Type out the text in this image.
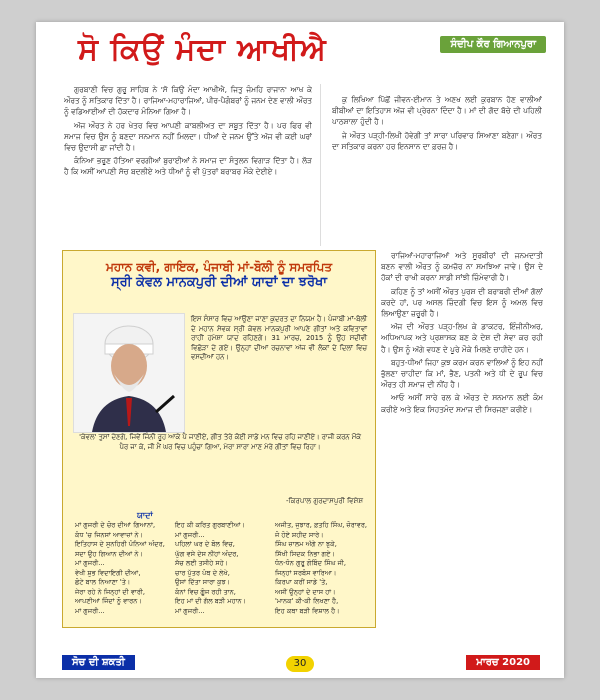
ਸੋ ਕਿਉਂ ਮੰਦਾ ਆਖੀਐ	ਸੰਦੀਪ ਕੌਰ ਗਿਆਨਪੁਰਾ

ਗੁਰਬਾਣੀ ਵਿਚ ਗੁਰੂ ਸਾਹਿਬ ਨੇ 'ਸੋ ਕਿਉ ਮੰਦਾ ਆਖੀਐ, ਜਿਤੁ ਜੰਮਹਿ ਰਾਜਾਨ' ਆਖ ਕੇ ਔਰਤ ਨੂੰ ਸਤਿਕਾਰ ਦਿੱਤਾ ਹੈ। ਰਾਜਿਆ-ਮਹਾਰਾਜਿਆਂ, ਪੀਰ-ਪੈਗੰਬਰਾਂ ਨੂੰ ਜਨਮ ਦੇਣ ਵਾਲੀ ਔਰਤ ਨੂੰ ਵਡਿਆਈਆਂ ਦੀ ਹੱਕਦਾਰ ਮੰਨਿਆ ਗਿਆ ਹੈ।

ਅੱਜ ਔਰਤ ਨੇ ਹਰ ਖੇਤਰ ਵਿਚ ਆਪਣੀ ਕਾਬਲੀਅਤ ਦਾ ਸਬੂਤ ਦਿੱਤਾ ਹੈ। ਪਰ ਫਿਰ ਵੀ ਸਮਾਜ ਵਿਚ ਉਸ ਨੂੰ ਬਣਦਾ ਸਨਮਾਨ ਨਹੀਂ ਮਿਲਦਾ। ਧੀਆਂ ਦੇ ਜਨਮ ਉੱਤੇ ਅੱਜ ਵੀ ਕਈ ਘਰਾਂ ਵਿਚ ਉਦਾਸੀ ਛਾ ਜਾਂਦੀ ਹੈ।

ਕੰਨਿਆ ਭਰੂਣ ਹੱਤਿਆ ਵਰਗੀਆਂ ਬੁਰਾਈਆਂ ਨੇ ਸਮਾਜ ਦਾ ਸੰਤੁਲਨ ਵਿਗਾੜ ਦਿੱਤਾ ਹੈ। ਲੋੜ ਹੈ ਕਿ ਅਸੀਂ ਆਪਣੀ ਸੋਚ ਬਦਲੀਏ ਅਤੇ ਧੀਆਂ ਨੂੰ ਵੀ ਪੁੱਤਰਾਂ ਬਰਾਬਰ ਮੌਕੇ ਦੇਈਏ।

ਕੁ ਲਿਖਿਆ ਪਿੱਛੋਂ ਜੀਵਨ-ਈਮਾਨ ਤੇ ਅਣਖ ਲਈ ਕੁਰਬਾਨ ਹੋਣ ਵਾਲੀਆਂ ਬੀਬੀਆਂ ਦਾ ਇਤਿਹਾਸ ਅੱਜ ਵੀ ਪ੍ਰੇਰਨਾ ਦਿੰਦਾ ਹੈ। ਮਾਂ ਦੀ ਗੋਦ ਬੱਚੇ ਦੀ ਪਹਿਲੀ ਪਾਠਸ਼ਾਲਾ ਹੁੰਦੀ ਹੈ।

ਜੇ ਔਰਤ ਪੜ੍ਹੀ-ਲਿਖੀ ਹੋਵੇਗੀ ਤਾਂ ਸਾਰਾ ਪਰਿਵਾਰ ਸਿਆਣਾ ਬਣੇਗਾ। ਔਰਤ ਦਾ ਸਤਿਕਾਰ ਕਰਨਾ ਹਰ ਇਨਸਾਨ ਦਾ ਫ਼ਰਜ਼ ਹੈ।

ਰਾਜਿਆਂ-ਮਹਾਰਾਜਿਆਂ ਅਤੇ ਸੂਰਬੀਰਾਂ ਦੀ ਜਨਮਦਾਤੀ ਬਣਨ ਵਾਲੀ ਔਰਤ ਨੂੰ ਕਮਜ਼ੋਰ ਨਾ ਸਮਝਿਆ ਜਾਵੇ। ਉਸ ਦੇ ਹੱਕਾਂ ਦੀ ਰਾਖੀ ਕਰਨਾ ਸਾਡੀ ਸਾਂਝੀ ਜ਼ਿੰਮੇਵਾਰੀ ਹੈ।

ਕਹਿਣ ਨੂੰ ਤਾਂ ਅਸੀਂ ਔਰਤ ਪੁਰਸ਼ ਦੀ ਬਰਾਬਰੀ ਦੀਆਂ ਗੱਲਾਂ ਕਰਦੇ ਹਾਂ, ਪਰ ਅਸਲ ਜ਼ਿੰਦਗੀ ਵਿਚ ਇਸ ਨੂੰ ਅਮਲ ਵਿਚ ਲਿਆਉਣਾ ਜ਼ਰੂਰੀ ਹੈ।

ਅੱਜ ਦੀ ਔਰਤ ਪੜ੍ਹ-ਲਿਖ ਕੇ ਡਾਕਟਰ, ਇੰਜੀਨੀਅਰ, ਅਧਿਆਪਕ ਅਤੇ ਪ੍ਰਸ਼ਾਸਕ ਬਣ ਕੇ ਦੇਸ਼ ਦੀ ਸੇਵਾ ਕਰ ਰਹੀ ਹੈ। ਉਸ ਨੂੰ ਅੱਗੇ ਵਧਣ ਦੇ ਪੂਰੇ ਮੌਕੇ ਮਿਲਣੇ ਚਾਹੀਦੇ ਹਨ।

ਬਹੁਤ-ਧੀਆਂ ਜਿਹਾ ਕੁਝ ਕਰਮ ਕਰਨ ਵਾਲਿਆਂ ਨੂੰ ਇਹ ਨਹੀਂ ਭੁੱਲਣਾ ਚਾਹੀਦਾ ਕਿ ਮਾਂ, ਭੈਣ, ਪਤਨੀ ਅਤੇ ਧੀ ਦੇ ਰੂਪ ਵਿਚ ਔਰਤ ਹੀ ਸਮਾਜ ਦੀ ਨੀਂਹ ਹੈ।

ਆਓ ਅਸੀਂ ਸਾਰੇ ਰਲ ਕੇ ਔਰਤ ਦੇ ਸਨਮਾਨ ਲਈ ਕੰਮ ਕਰੀਏ ਅਤੇ ਇਕ ਸਿਹਤਮੰਦ ਸਮਾਜ ਦੀ ਸਿਰਜਣਾ ਕਰੀਏ।

ਮਹਾਨ ਕਵੀ, ਗਾਇਕ, ਪੰਜਾਬੀ ਮਾਂ-ਬੋਲੀ ਨੂੰ ਸਮਰਪਿਤ
ਸ੍ਰੀ ਕੇਵਲ ਮਾਨਕਪੁਰੀ ਦੀਆਂ ਯਾਦਾਂ ਦਾ ਝਰੋਖਾ
ਇਸ ਸੰਸਾਰ ਵਿਚ ਆਉਣਾ ਜਾਣਾ ਕੁਦਰਤ ਦਾ ਨਿਯਮ ਹੈ। ਪੰਜਾਬੀ ਮਾਂ-ਬੋਲੀ ਦੇ ਮਹਾਨ ਸੇਵਕ ਸ੍ਰੀ ਕੇਵਲ ਮਾਨਕਪੁਰੀ ਆਪਣੇ ਗੀਤਾਂ ਅਤੇ ਕਵਿਤਾਵਾਂ ਰਾਹੀਂ ਹਮੇਸ਼ਾ ਯਾਦ ਰਹਿਣਗੇ। 31 ਮਾਰਚ, 2015 ਨੂੰ ਉਹ ਸਦੀਵੀ ਵਿਛੋੜਾ ਦੇ ਗਏ। ਉਨ੍ਹਾਂ ਦੀਆਂ ਰਚਨਾਵਾਂ ਅੱਜ ਵੀ ਲੋਕਾਂ ਦੇ ਦਿਲਾਂ ਵਿਚ ਵਸਦੀਆਂ ਹਨ।
'ਕੇਵਲ' ਤੁਸਾਂ ਦੇਣਗੇ, ਜਿਵੇਂ ਜਿੰਨੀ ਰੂਹ ਆਕੇ ਪੈ ਜਾਣੀਏ, ਗੀਤ ਤੇਰੇ ਕੋਈ ਸਾਡੇ ਮਨ ਵਿਚ ਰਹਿ ਜਾਣੀਏ। ਰਾਜੀ ਕਰਨ ਮੌਕੇ ਪੈਰ ਜਾ ਕੇ, ਜੀ ਮੈਂ ਘਰ ਵਿਚ ਪਹੁੰਚਾ ਗਿਆ, ਮੇਰਾ ਸਾਰਾ ਮਾਣ ਮੇਰੇ ਗੀਤਾਂ ਵਿਚ ਰਿਹਾ।
-ਕਿਰਪਾਲ ਗੁਰਦਾਸਪੁਰੀ ਵਿਸ਼ੇਸ਼
ਯਾਦਾਂ
ਮਾਂ ਗੁਜਰੀ ਦੇ ਚੋਰ ਦੀਆਂ ਗਿਆਨਾਂ,
ਕੰਧ 'ਚ ਜਿਨਸਾਂ ਆਵਾਜ਼ਾਂ ਨੇ।
ਇਤਿਹਾਸ ਦੇ ਸੁਨਹਿਰੀ ਪੰਨਿਆਂ ਅੰਦਰ,
ਸਦਾ ਉਹ ਗਿਆਨ ਦੀਆਂ ਨੇ।
ਮਾਂ ਗੁਜਰੀ...
ਵੇਖੀ ਸ਼ੁਭ ਵਿਦਾਇਗੀ ਦੀਆਂ,
ਛੋਟੇ ਬਾਲ ਨਿਆਣਾ 'ਤੇ।
ਜੇਰਾ ਰਹੇ ਨੇ ਜਿਨ੍ਹਾਂ ਦੀ ਵਾਰੀ,
ਆਪਣੀਆਂ ਜਿੰਦਾਂ ਨੂੰ ਵਾਰਨ।
ਮਾਂ ਗੁਜਰੀ...
ਇਹ ਕੀ ਕਰਿਤ ਗੁਰਬਾਣੀਆਂ।
ਮਾਂ ਗੁਜਰੀ...
ਪਹਿਲਾਂ ਘਰ ਦੇ ਬੋਲ ਵਿਚ,
ਘੁੱਗ ਵਸੇ ਦੇਸ ਨੀਂਹਾਂ ਅੰਦਰ,
ਸੱਚ ਲਈ ਤਸੀਹੇ ਸਹੇ।
ਚਾਰ ਪੁੱਤਰ ਪੰਥ ਦੇ ਲੇਖੇ,
ਉਸਾਂ ਦਿੱਤਾ ਸਾਰਾ ਕੁਝ।
ਕੰਨਾਂ ਵਿਚ ਗੂੰਜ ਰਹੀ ਤਾਨ,
ਇਹ ਮਾਂ ਦੀ ਗੱਲ ਬੜੀ ਮਹਾਨ।
ਮਾਂ ਗੁਜਰੀ...
ਅਜੀਤ, ਜੁਝਾਰ, ਫ਼ਤਹਿ ਸਿੰਘ, ਜ਼ੋਰਾਵਰ,
ਜੋ ਹੋਏ ਸ਼ਹੀਦ ਸਾਰੇ।
ਸਿੰਘ ਜ਼ਾਲਮ ਅੱਗੇ ਨਾ ਝੁਕੇ,
ਸਿੱਖੀ ਸਿਦਕ ਨਿਭਾ ਗਏ।
ਧੰਨ-ਧੰਨ ਗੁਰੂ ਗੋਬਿੰਦ ਸਿੰਘ ਜੀ,
ਜਿਨ੍ਹਾਂ ਸਰਬੰਸ ਵਾਰਿਆ।
ਕਿਰਪਾ ਕਰੀਂ ਸਾਡੇ 'ਤੇ,
ਅਸੀਂ ਉਨ੍ਹਾਂ ਦੇ ਦਾਸ ਹਾਂ।
'ਮਾਨਕ' ਕੀ-ਕੀ ਲਿਖਣਾ ਹੈ,
ਇਹ ਕਥਾ ਬੜੀ ਵਿਸ਼ਾਲ ਹੈ।
ਸੋਚ ਦੀ ਸ਼ਕਤੀ	30	ਮਾਰਚ 2020
